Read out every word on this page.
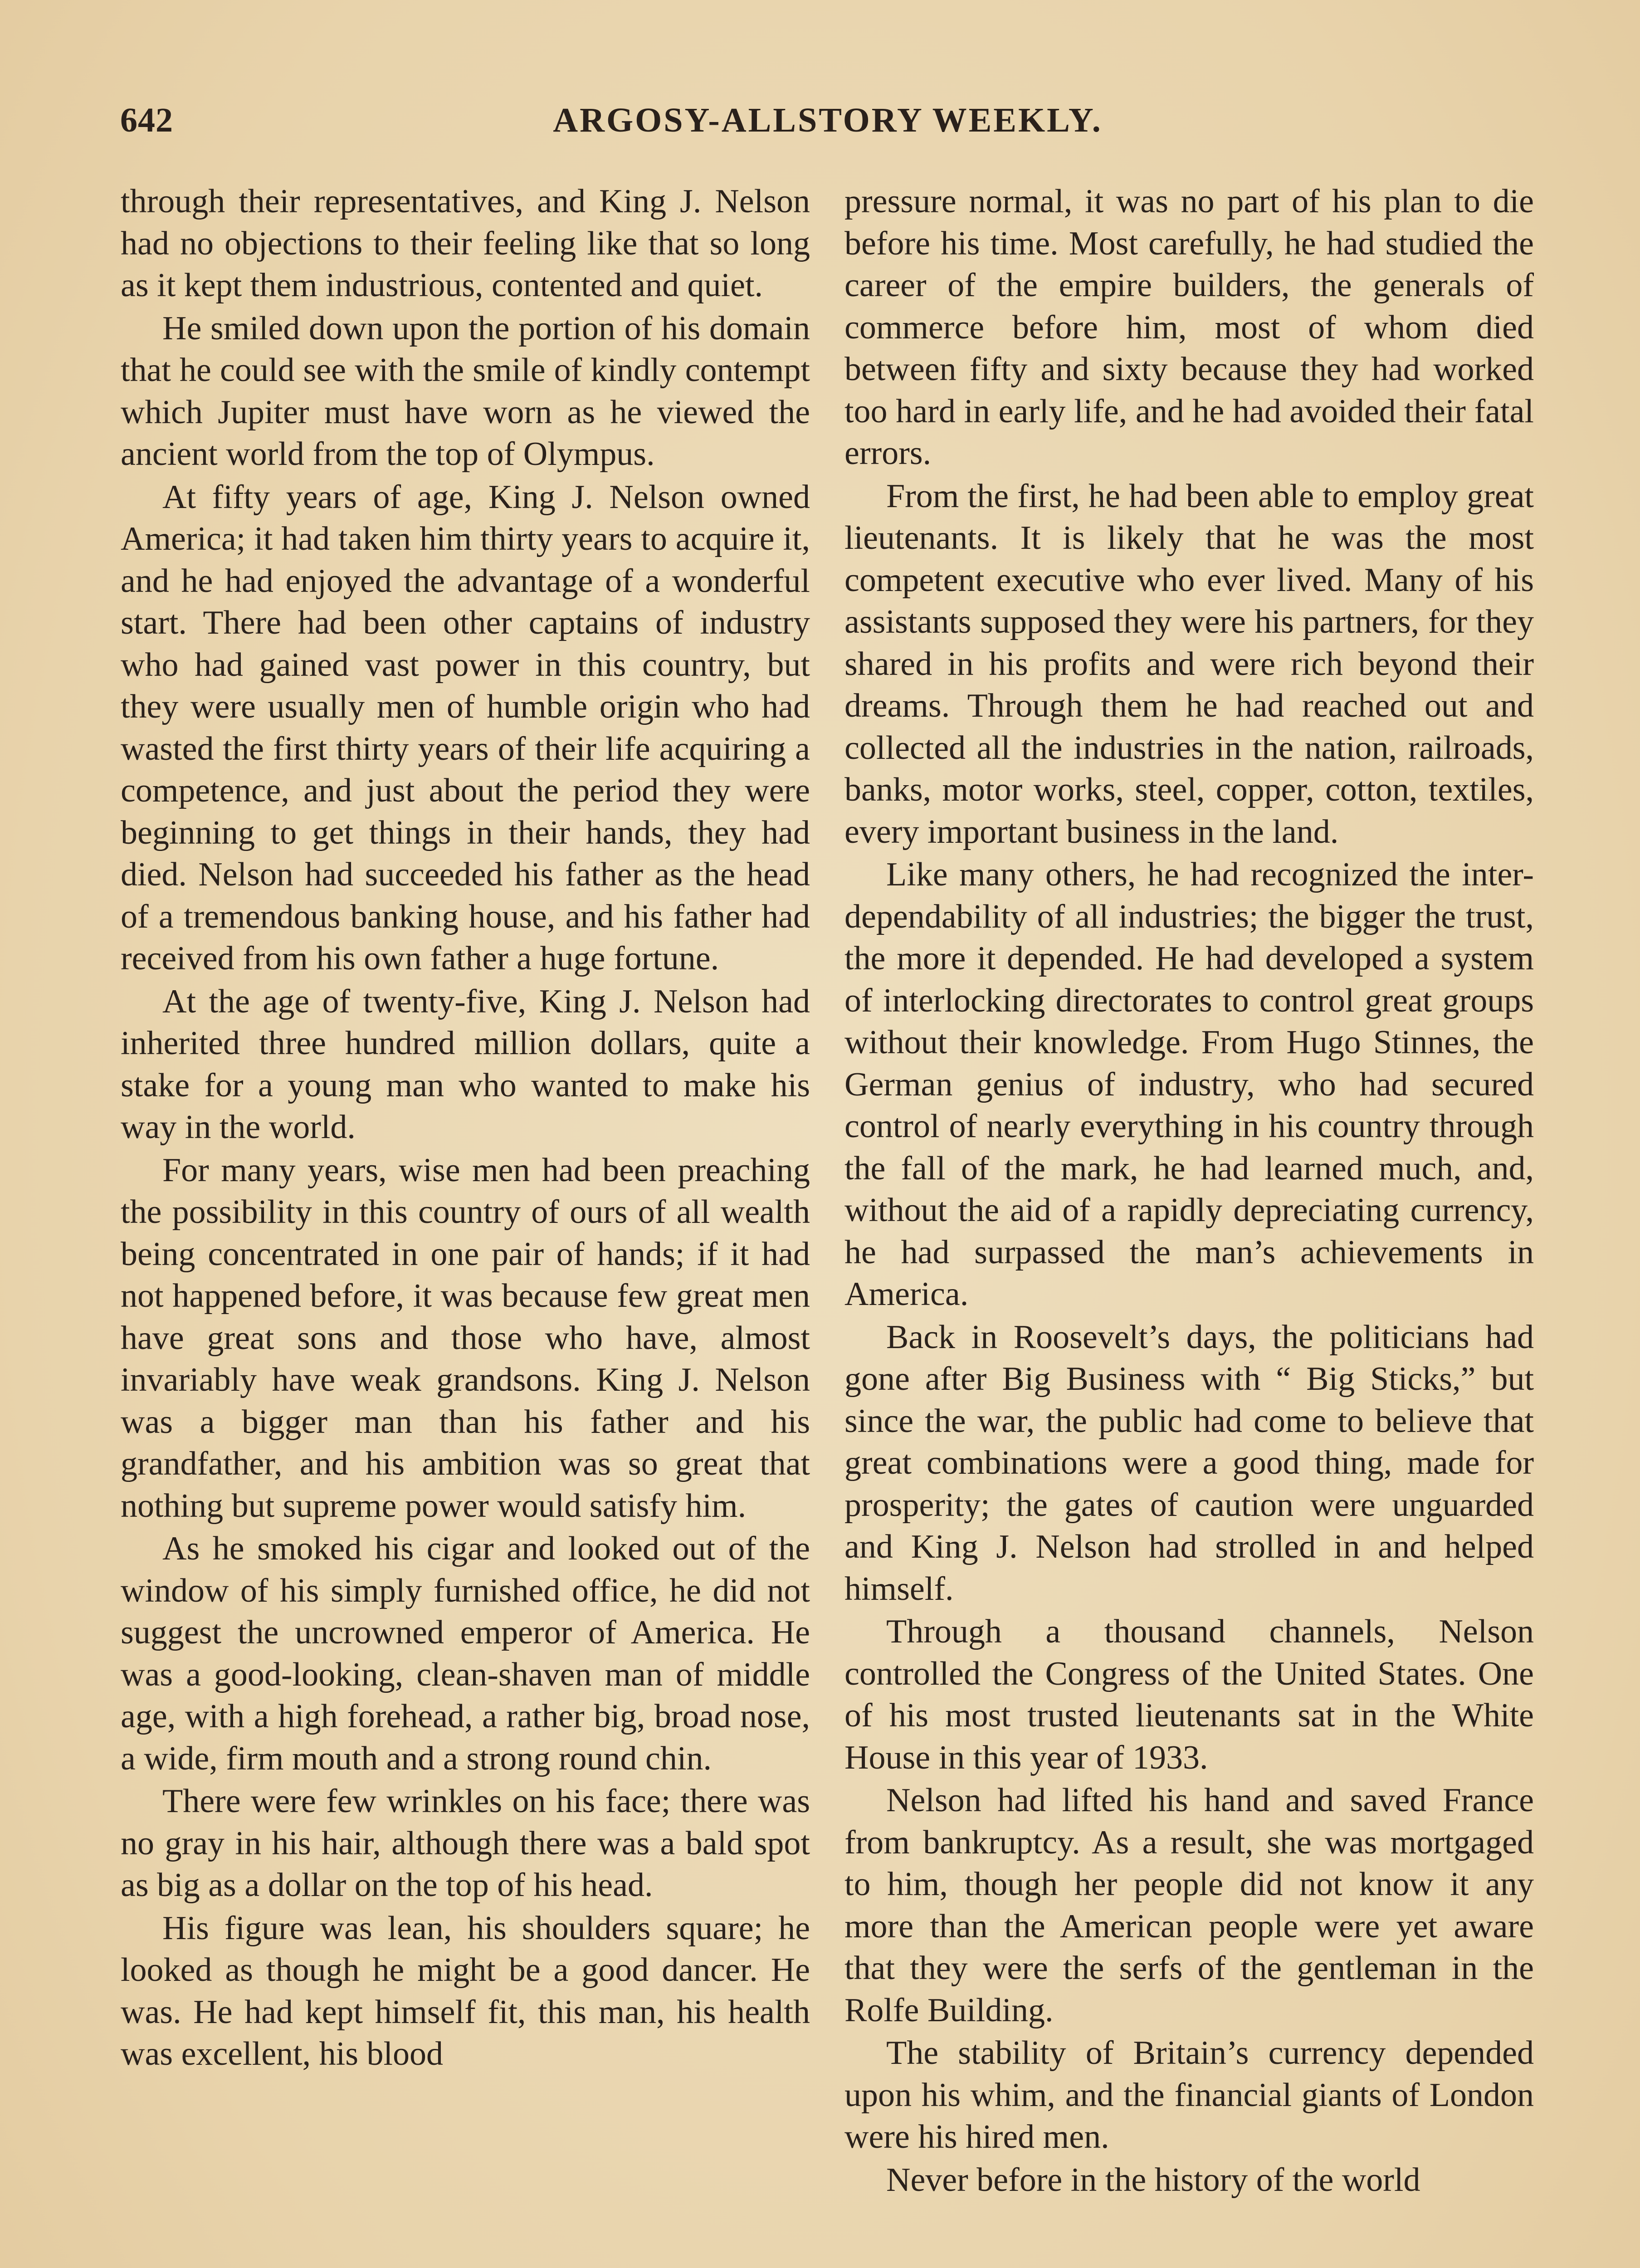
642	ARGOSY-ALLSTORY WEEKLY.

through their representatives, and King J. Nelson had no objections to their feeling like that so long as it kept them industrious, contented and quiet.

He smiled down upon the portion of his domain that he could see with the smile of kindly contempt which Jupiter must have worn as he viewed the ancient world from the top of Olympus.

At fifty years of age, King J. Nelson owned America; it had taken him thirty years to acquire it, and he had enjoyed the advantage of a wonderful start. There had been other captains of industry who had gained vast power in this country, but they were usually men of humble origin who had wasted the first thirty years of their life acquiring a competence, and just about the period they were beginning to get things in their hands, they had died. Nelson had succeeded his father as the head of a tremendous banking house, and his father had received from his own father a huge fortune.

At the age of twenty-five, King J. Nelson had inherited three hundred million dollars, quite a stake for a young man who wanted to make his way in the world.

For many years, wise men had been preaching the possibility in this country of ours of all wealth being concentrated in one pair of hands; if it had not happened before, it was because few great men have great sons and those who have, almost invariably have weak grandsons. King J. Nelson was a bigger man than his father and his grandfather, and his ambition was so great that nothing but supreme power would satisfy him.

As he smoked his cigar and looked out of the window of his simply furnished office, he did not suggest the uncrowned emperor of America. He was a good-looking, clean-shaven man of middle age, with a high forehead, a rather big, broad nose, a wide, firm mouth and a strong round chin.

There were few wrinkles on his face; there was no gray in his hair, although there was a bald spot as big as a dollar on the top of his head.

His figure was lean, his shoulders square; he looked as though he might be a good dancer. He was. He had kept himself fit, this man, his health was excellent, his blood

pressure normal, it was no part of his plan to die before his time. Most carefully, he had studied the career of the empire builders, the generals of commerce before him, most of whom died between fifty and sixty because they had worked too hard in early life, and he had avoided their fatal errors.

From the first, he had been able to employ great lieutenants. It is likely that he was the most competent executive who ever lived. Many of his assistants supposed they were his partners, for they shared in his profits and were rich beyond their dreams. Through them he had reached out and collected all the industries in the nation, railroads, banks, motor works, steel, copper, cotton, textiles, every important business in the land.

Like many others, he had recognized the inter-dependability of all industries; the bigger the trust, the more it depended. He had developed a system of interlocking directorates to control great groups without their knowledge. From Hugo Stinnes, the German genius of industry, who had secured control of nearly everything in his country through the fall of the mark, he had learned much, and, without the aid of a rapidly depreciating currency, he had surpassed the man’s achievements in America.

Back in Roosevelt’s days, the politicians had gone after Big Business with “ Big Sticks,” but since the war, the public had come to believe that great combinations were a good thing, made for prosperity; the gates of caution were unguarded and King J. Nelson had strolled in and helped himself.

Through a thousand channels, Nelson controlled the Congress of the United States. One of his most trusted lieutenants sat in the White House in this year of 1933.

Nelson had lifted his hand and saved France from bankruptcy. As a result, she was mortgaged to him, though her people did not know it any more than the American people were yet aware that they were the serfs of the gentleman in the Rolfe Building.

The stability of Britain’s currency depended upon his whim, and the financial giants of London were his hired men.

Never before in the history of the world
